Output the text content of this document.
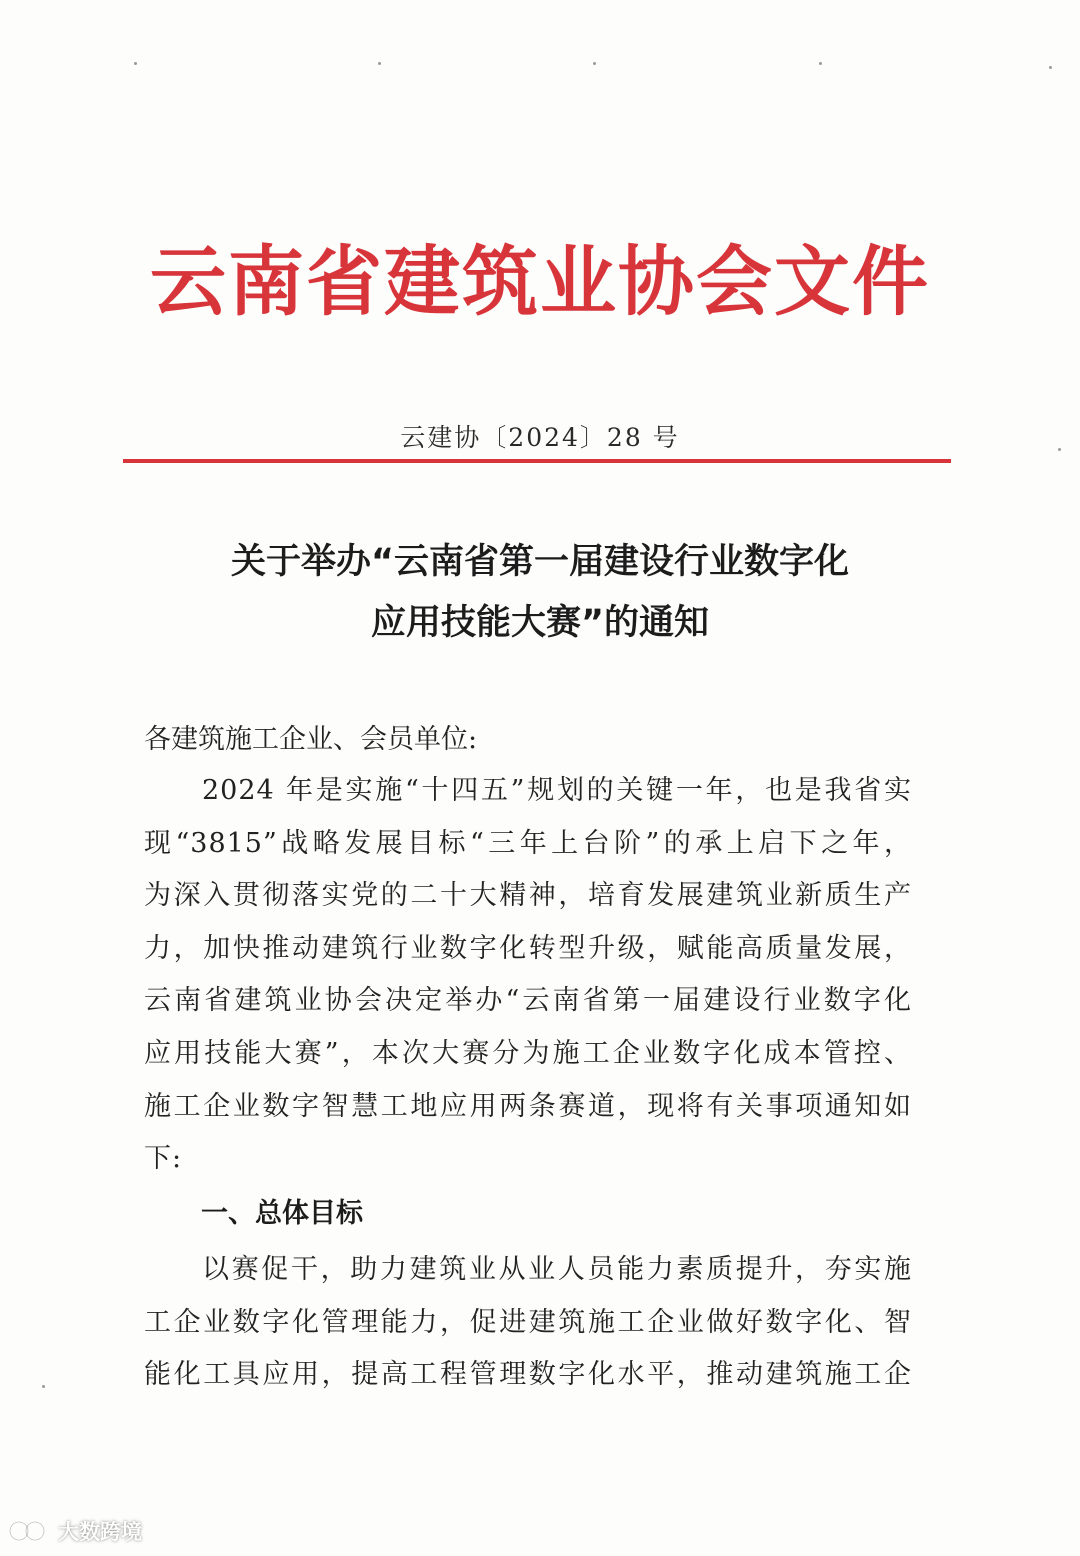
云南省建筑业协会文件
云建协〔2024〕28 号
关于举办“云南省第一届建设行业数字化
应用技能大赛”的通知
各建筑施工企业、会员单位:
2024 年是实施“十四五”规划的关键一年，也是我省实
现“3815”战略发展目标“三年上台阶”的承上启下之年，
为深入贯彻落实党的二十大精神，培育发展建筑业新质生产
力，加快推动建筑行业数字化转型升级，赋能高质量发展，
云南省建筑业协会决定举办“云南省第一届建设行业数字化
应用技能大赛”，本次大赛分为施工企业数字化成本管控、
施工企业数字智慧工地应用两条赛道，现将有关事项通知如
下:
一、总体目标
以赛促干，助力建筑业从业人员能力素质提升，夯实施
工企业数字化管理能力，促进建筑施工企业做好数字化、智
能化工具应用，提高工程管理数字化水平，推动建筑施工企
大数跨境
